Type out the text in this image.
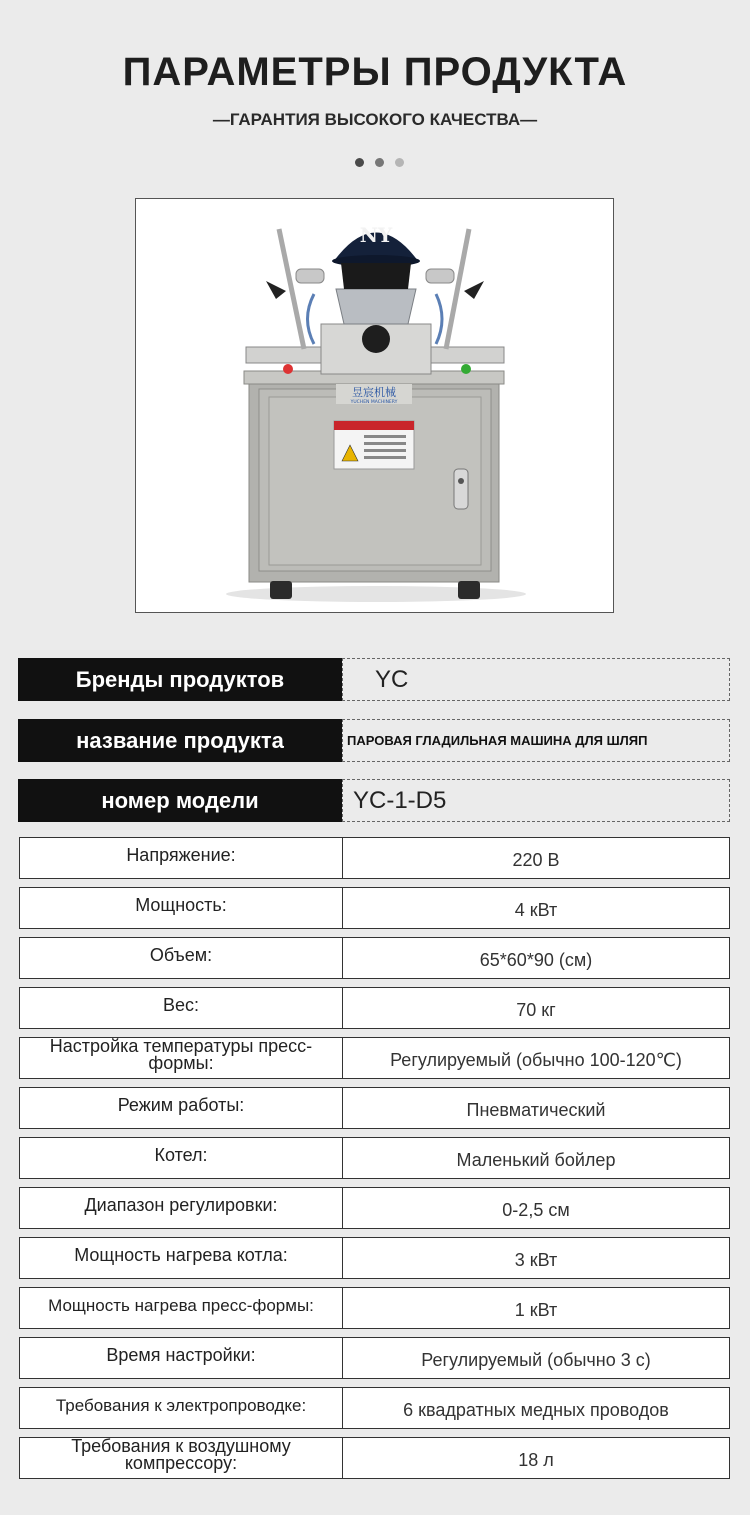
ПАРАМЕТРЫ ПРОДУКТА
—ГАРАНТИЯ ВЫСОКОГО КАЧЕСТВА—
昱宸机械
YUCHEN MACHINERY
NY
Бренды продуктов	YC
название продукта	ПАРОВАЯ ГЛАДИЛЬНАЯ МАШИНА ДЛЯ ШЛЯП
номер модели	YC-1-D5
Напряжение:	220 В
Мощность:	4 кВт
Объем:	65*60*90 (см)
Вес:	70 кг
Настройка температуры пресс-формы:	Регулируемый (обычно 100-120℃)
Режим работы:	Пневматический
Котел:	Маленький бойлер
Диапазон регулировки:	0-2,5 см
Мощность нагрева котла:	3 кВт
Мощность нагрева пресс-формы:	1 кВт
Время настройки:	Регулируемый (обычно 3 с)
Требования к электропроводке:	6 квадратных медных проводов
Требования к воздушному компрессору:	18 л
